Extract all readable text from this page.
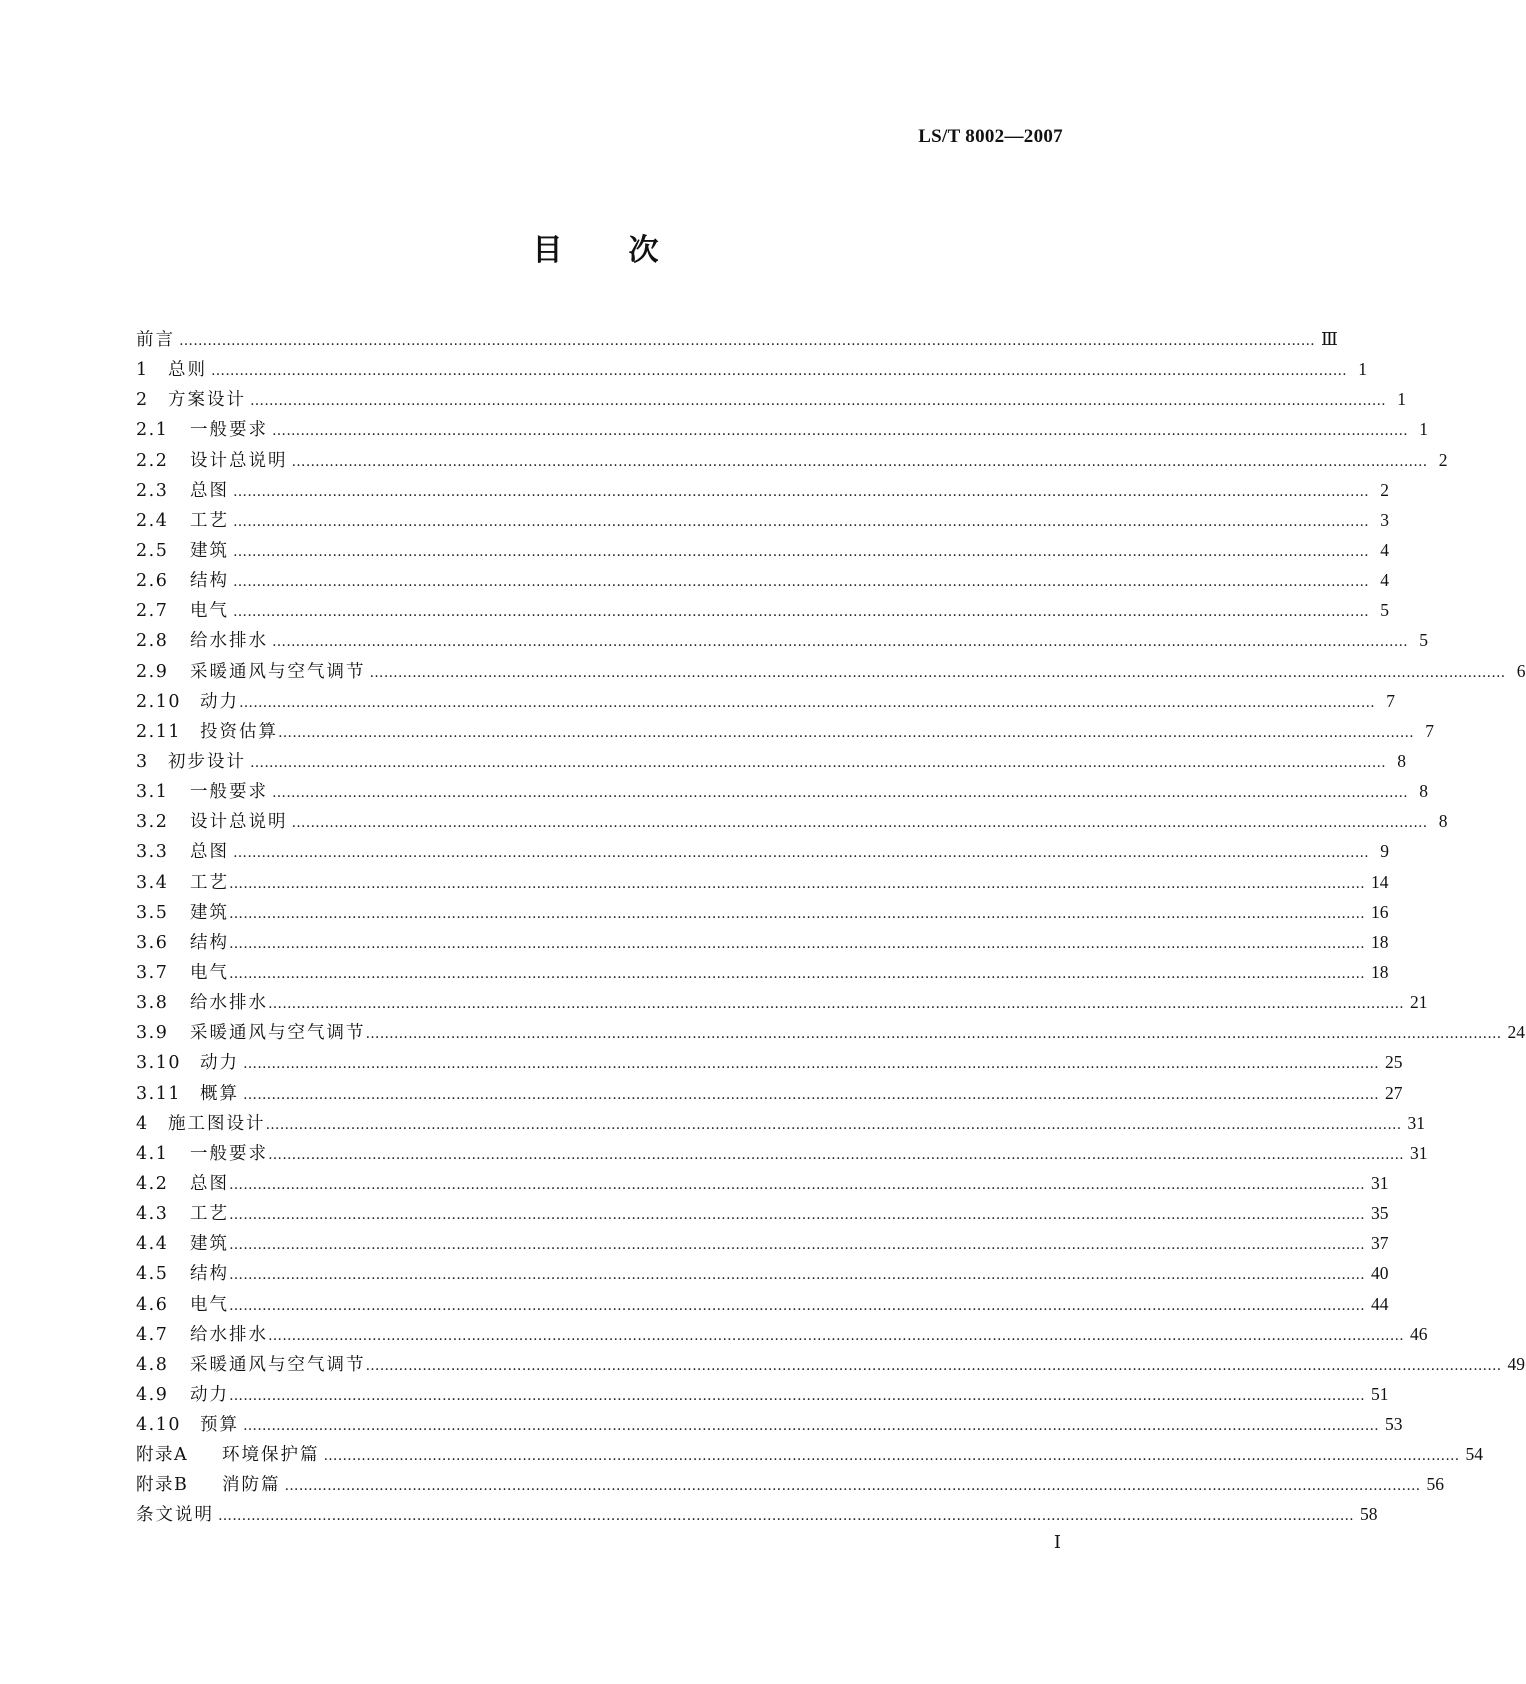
LS/T 8002—2007
目 次
前言 …………………………………………………………………………………………………………………………………………………………………………………………………………………… Ⅲ
1	总则 …………………………………………………………………………………………………………………………………………………………………………………………………………………… 1
2	方案设计 …………………………………………………………………………………………………………………………………………………………………………………………………………………… 1
2.1	一般要求 …………………………………………………………………………………………………………………………………………………………………………………………………………………… 1
2.2	设计总说明 …………………………………………………………………………………………………………………………………………………………………………………………………………………… 2
2.3	总图 …………………………………………………………………………………………………………………………………………………………………………………………………………………… 2
2.4	工艺 …………………………………………………………………………………………………………………………………………………………………………………………………………………… 3
2.5	建筑 …………………………………………………………………………………………………………………………………………………………………………………………………………………… 4
2.6	结构 …………………………………………………………………………………………………………………………………………………………………………………………………………………… 4
2.7	电气 …………………………………………………………………………………………………………………………………………………………………………………………………………………… 5
2.8	给水排水 …………………………………………………………………………………………………………………………………………………………………………………………………………………… 5
2.9	采暖通风与空气调节 …………………………………………………………………………………………………………………………………………………………………………………………………………………… 6
2.10	动力 …………………………………………………………………………………………………………………………………………………………………………………………………………………… 7
2.11	投资估算 …………………………………………………………………………………………………………………………………………………………………………………………………………………… 7
3	初步设计 …………………………………………………………………………………………………………………………………………………………………………………………………………………… 8
3.1	一般要求 …………………………………………………………………………………………………………………………………………………………………………………………………………………… 8
3.2	设计总说明 …………………………………………………………………………………………………………………………………………………………………………………………………………………… 8
3.3	总图 …………………………………………………………………………………………………………………………………………………………………………………………………………………… 9
3.4	工艺 …………………………………………………………………………………………………………………………………………………………………………………………………………………… 14
3.5	建筑 …………………………………………………………………………………………………………………………………………………………………………………………………………………… 16
3.6	结构 …………………………………………………………………………………………………………………………………………………………………………………………………………………… 18
3.7	电气 …………………………………………………………………………………………………………………………………………………………………………………………………………………… 18
3.8	给水排水 …………………………………………………………………………………………………………………………………………………………………………………………………………………… 21
3.9	采暖通风与空气调节 …………………………………………………………………………………………………………………………………………………………………………………………………………………… 24
3.10	动力 …………………………………………………………………………………………………………………………………………………………………………………………………………………… 25
3.11	概算 …………………………………………………………………………………………………………………………………………………………………………………………………………………… 27
4	施工图设计 …………………………………………………………………………………………………………………………………………………………………………………………………………………… 31
4.1	一般要求 …………………………………………………………………………………………………………………………………………………………………………………………………………………… 31
4.2	总图 …………………………………………………………………………………………………………………………………………………………………………………………………………………… 31
4.3	工艺 …………………………………………………………………………………………………………………………………………………………………………………………………………………… 35
4.4	建筑 …………………………………………………………………………………………………………………………………………………………………………………………………………………… 37
4.5	结构 …………………………………………………………………………………………………………………………………………………………………………………………………………………… 40
4.6	电气 …………………………………………………………………………………………………………………………………………………………………………………………………………………… 44
4.7	给水排水 …………………………………………………………………………………………………………………………………………………………………………………………………………………… 46
4.8	采暖通风与空气调节 …………………………………………………………………………………………………………………………………………………………………………………………………………………… 49
4.9	动力 …………………………………………………………………………………………………………………………………………………………………………………………………………………… 51
4.10	预算 …………………………………………………………………………………………………………………………………………………………………………………………………………………… 53
附录A	环境保护篇 …………………………………………………………………………………………………………………………………………………………………………………………………………………… 54
附录B	消防篇 …………………………………………………………………………………………………………………………………………………………………………………………………………………… 56
条文说明 …………………………………………………………………………………………………………………………………………………………………………………………………………………… 58
Ⅰ
